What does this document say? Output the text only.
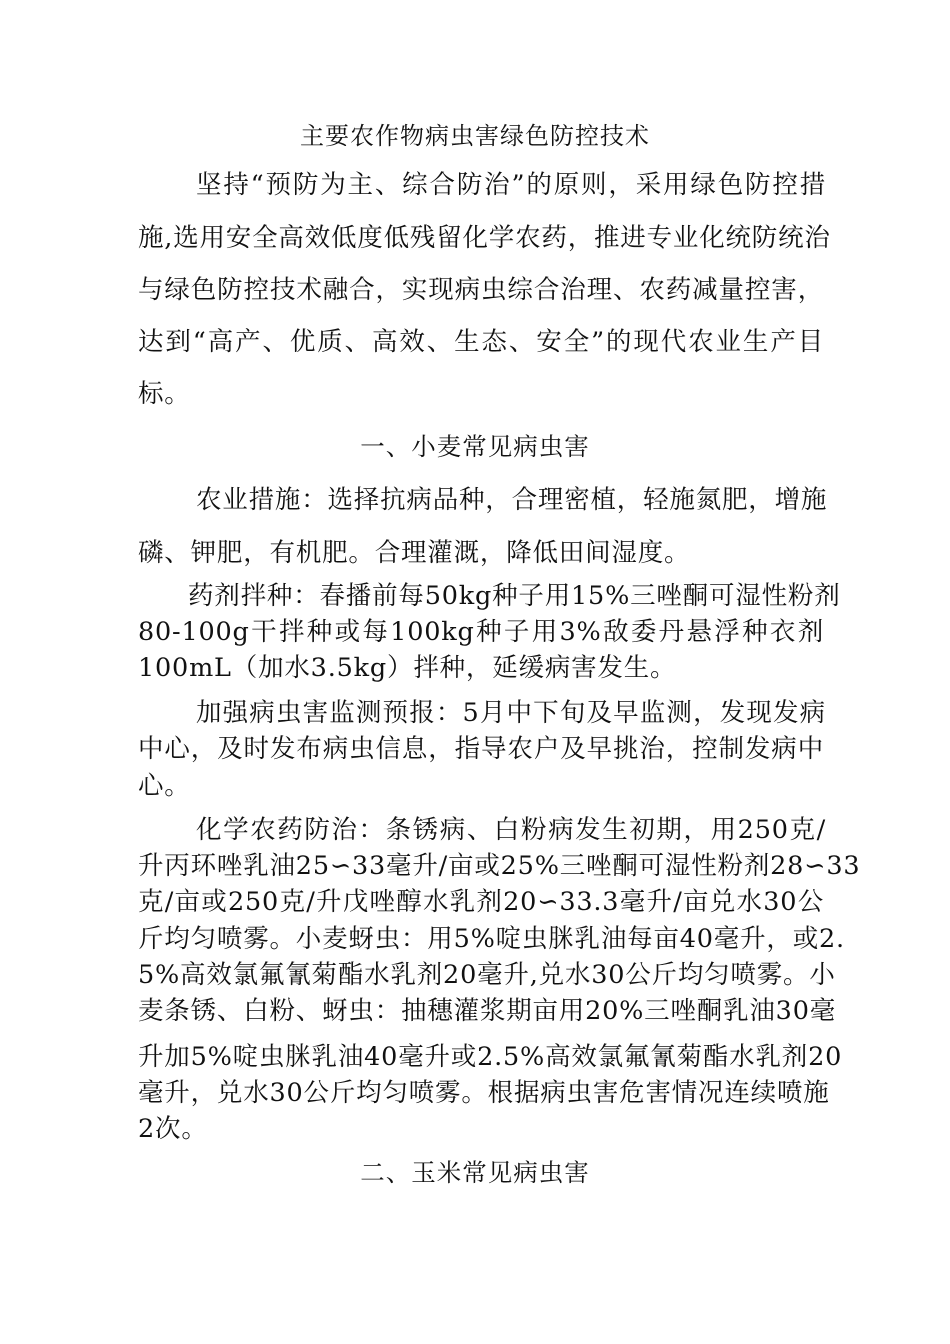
主要农作物病虫害绿色防控技术
坚持“预防为主、综合防治”的原则，采用绿色防控措
施,选用安全高效低度低残留化学农药，推进专业化统防统治
与绿色防控技术融合，实现病虫综合治理、农药减量控害，
达到“高产、优质、高效、生态、安全”的现代农业生产目
标。
一、小麦常见病虫害
农业措施：选择抗病品种，合理密植，轻施氮肥，增施
磷、钾肥，有机肥。合理灌溉，降低田间湿度。
药剂拌种：春播前每50kg种子用15%三唑酮可湿性粉剂
80-100g干拌种或每100kg种子用3%敌委丹悬浮种衣剂
100mL（加水3.5kg）拌种，延缓病害发生。
加强病虫害监测预报：5月中下旬及早监测，发现发病
中心，及时发布病虫信息，指导农户及早挑治，控制发病中
心。
化学农药防治：条锈病、白粉病发生初期，用250克/
升丙环唑乳油25∽33毫升/亩或25%三唑酮可湿性粉剂28∽33
克/亩或250克/升戊唑醇水乳剂20∽33.3毫升/亩兑水30公
斤均匀喷雾。小麦蚜虫：用5%啶虫脒乳油每亩40毫升，或2.
5%高效氯氟氰菊酯水乳剂20毫升,兑水30公斤均匀喷雾。小
麦条锈、白粉、蚜虫：抽穗灌浆期亩用20%三唑酮乳油30毫
升加5%啶虫脒乳油40毫升或2.5%高效氯氟氰菊酯水乳剂20
毫升，兑水30公斤均匀喷雾。根据病虫害危害情况连续喷施
2次。
二、玉米常见病虫害
